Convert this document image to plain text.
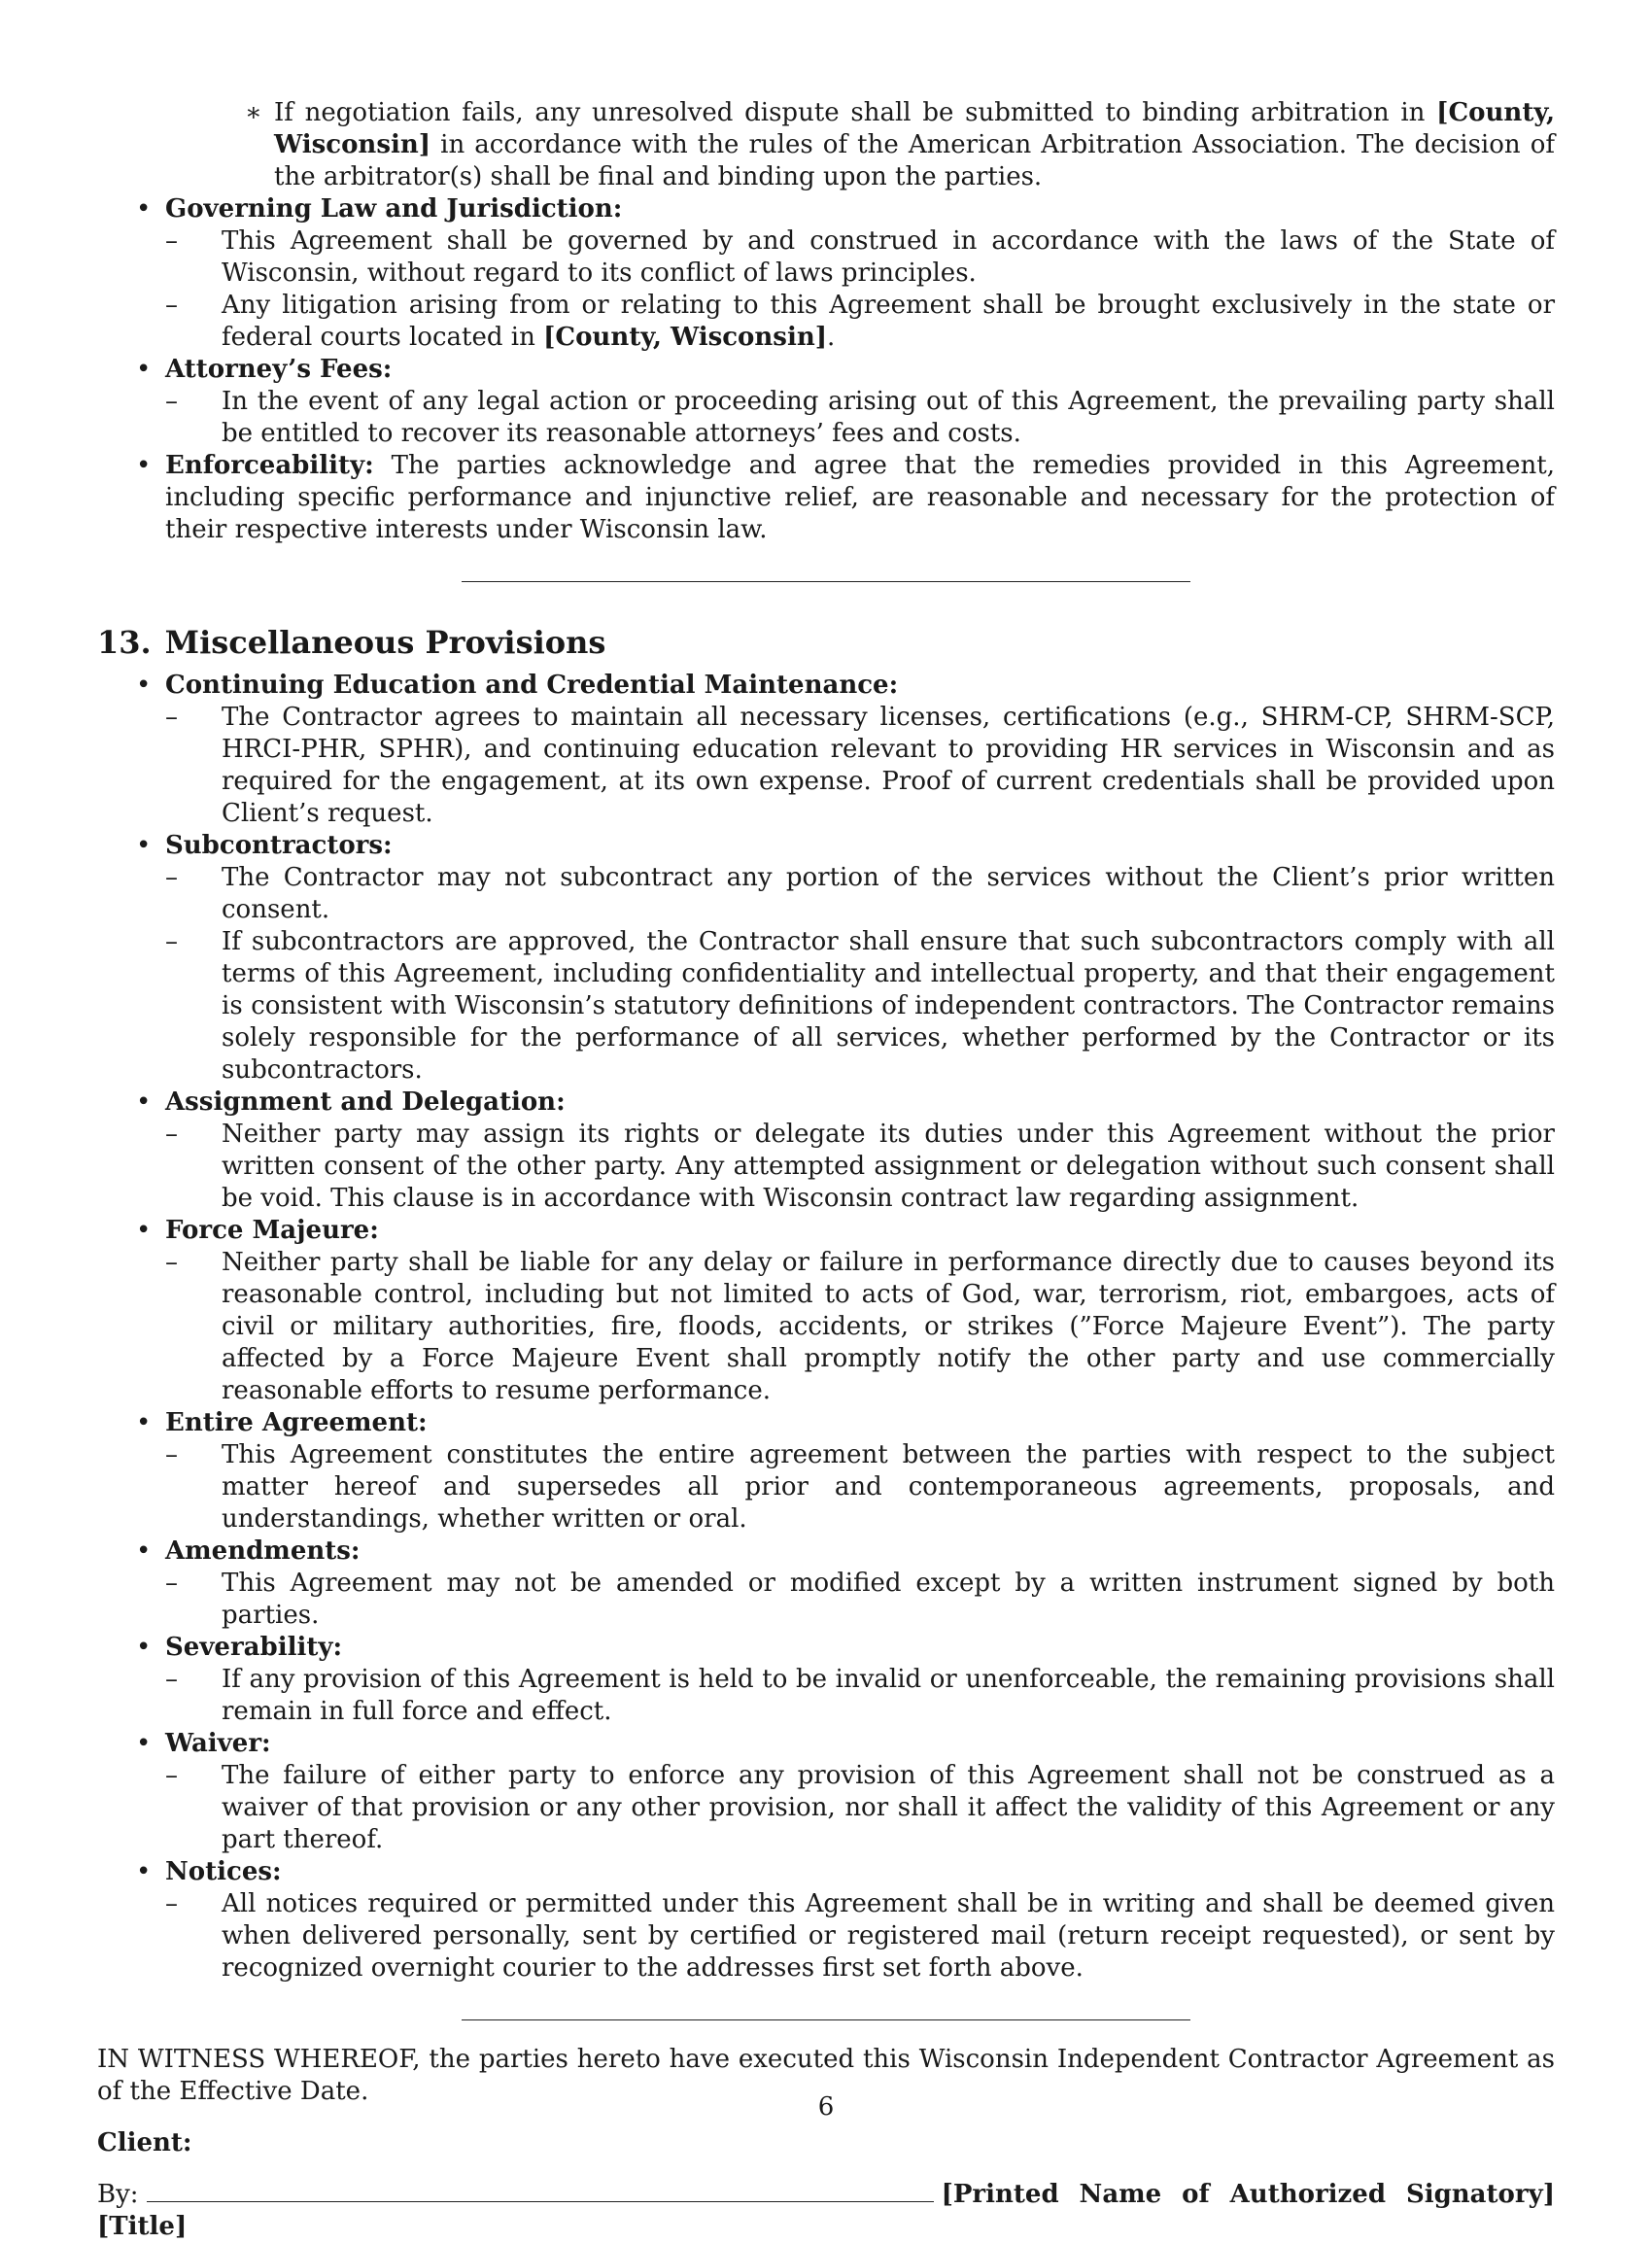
∗ If negotiation fails, any unresolved dispute shall be submitted to binding arbitration in [County, Wisconsin] in accordance with the rules of the American Arbitration Association. The decision of the arbitrator(s) shall be final and binding upon the parties.
• Governing Law and Jurisdiction:
– This Agreement shall be governed by and construed in accordance with the laws of the State of Wisconsin, without regard to its conflict of laws principles.
– Any litigation arising from or relating to this Agreement shall be brought exclusively in the state or federal courts located in [County, Wisconsin].
• Attorney’s Fees:
– In the event of any legal action or proceeding arising out of this Agreement, the prevailing party shall be entitled to recover its reasonable attorneys’ fees and costs.
• Enforceability: The parties acknowledge and agree that the remedies provided in this Agreement, including specific performance and injunctive relief, are reasonable and necessary for the protection of their respective interests under Wisconsin law.
13. Miscellaneous Provisions
• Continuing Education and Credential Maintenance:
– The Contractor agrees to maintain all necessary licenses, certifications (e.g., SHRM-CP, SHRM-SCP, HRCI-PHR, SPHR), and continuing education relevant to providing HR services in Wisconsin and as required for the engagement, at its own expense. Proof of current credentials shall be provided upon Client’s request.
• Subcontractors:
– The Contractor may not subcontract any portion of the services without the Client’s prior written consent.
– If subcontractors are approved, the Contractor shall ensure that such subcontractors comply with all terms of this Agreement, including confidentiality and intellectual property, and that their engagement is consistent with Wisconsin’s statutory definitions of independent contractors. The Contractor remains solely responsible for the performance of all services, whether performed by the Contractor or its subcontractors.
• Assignment and Delegation:
– Neither party may assign its rights or delegate its duties under this Agreement without the prior written consent of the other party. Any attempted assignment or delegation without such consent shall be void. This clause is in accordance with Wisconsin contract law regarding assignment.
• Force Majeure:
– Neither party shall be liable for any delay or failure in performance directly due to causes beyond its reasonable control, including but not limited to acts of God, war, terrorism, riot, embargoes, acts of civil or military authorities, fire, floods, accidents, or strikes (”Force Majeure Event”). The party affected by a Force Majeure Event shall promptly notify the other party and use commercially reasonable efforts to resume performance.
• Entire Agreement:
– This Agreement constitutes the entire agreement between the parties with respect to the subject matter hereof and supersedes all prior and contemporaneous agreements, proposals, and understandings, whether written or oral.
• Amendments:
– This Agreement may not be amended or modified except by a written instrument signed by both parties.
• Severability:
– If any provision of this Agreement is held to be invalid or unenforceable, the remaining provisions shall remain in full force and effect.
• Waiver:
– The failure of either party to enforce any provision of this Agreement shall not be construed as a waiver of that provision or any other provision, nor shall it affect the validity of this Agreement or any part thereof.
• Notices:
– All notices required or permitted under this Agreement shall be in writing and shall be deemed given when delivered personally, sent by certified or registered mail (return receipt requested), or sent by recognized overnight courier to the addresses first set forth above.

IN WITNESS WHEREOF, the parties hereto have executed this Wisconsin Independent Contractor Agreement as of the Effective Date.

Client:

By:	[Printed Name of Authorized Signatory] [Title]

6
